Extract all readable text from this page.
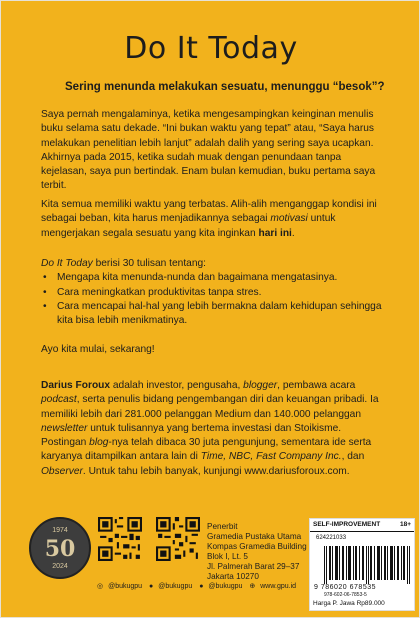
Do It Today
Sering menunda melakukan sesuatu, menunggu “besok”?

Saya pernah mengalaminya, ketika mengesampingkan keinginan menulis buku selama satu dekade. “Ini bukan waktu yang tepat” atau, “Saya harus melakukan penelitian lebih lanjut” adalah dalih yang sering saya ucapkan. Akhirnya pada 2015, ketika sudah muak dengan penundaan tanpa kejelasan, saya pun bertindak. Enam bulan kemudian, buku pertama saya terbit.

Kita semua memiliki waktu yang terbatas. Alih-alih menganggap kondisi ini sebagai beban, kita harus menjadikannya sebagai motivasi untuk mengerjakan segala sesuatu yang kita inginkan hari ini.

Do It Today berisi 30 tulisan tentang:

• Mengapa kita menunda-nunda dan bagaimana mengatasinya.
• Cara meningkatkan produktivitas tanpa stres.
• Cara mencapai hal-hal yang lebih bermakna dalam kehidupan sehingga kita bisa lebih menikmatinya.

Ayo kita mulai, sekarang!

Darius Foroux adalah investor, pengusaha, blogger, pembawa acara podcast, serta penulis bidang pengembangan diri dan keuangan pribadi. Ia memiliki lebih dari 281.000 pelanggan Medium dan 140.000 pelanggan newsletter untuk tulisannya yang bertema investasi dan Stoikisme. Postingan blog-nya telah dibaca 30 juta pengunjung, sementara ide serta karyanya ditampilkan antara lain di Time, NBC, Fast Company Inc., dan Observer. Untuk tahu lebih banyak, kunjungi www.dariusforoux.com.

1974
50
2024
◎ @bukugpu ● @bukugpu ● @bukugpu ⊕ www.gpu.id
Penerbit
Gramedia Pustaka Utama
Kompas Gramedia Building
Blok I, Lt. 5
Jl. Palmerah Barat 29–37
Jakarta 10270
SELF-IMPROVEMENT	18+
624221033
9 786020 678535
978-602-06-7853-5
Harga P. Jawa Rp89.000
